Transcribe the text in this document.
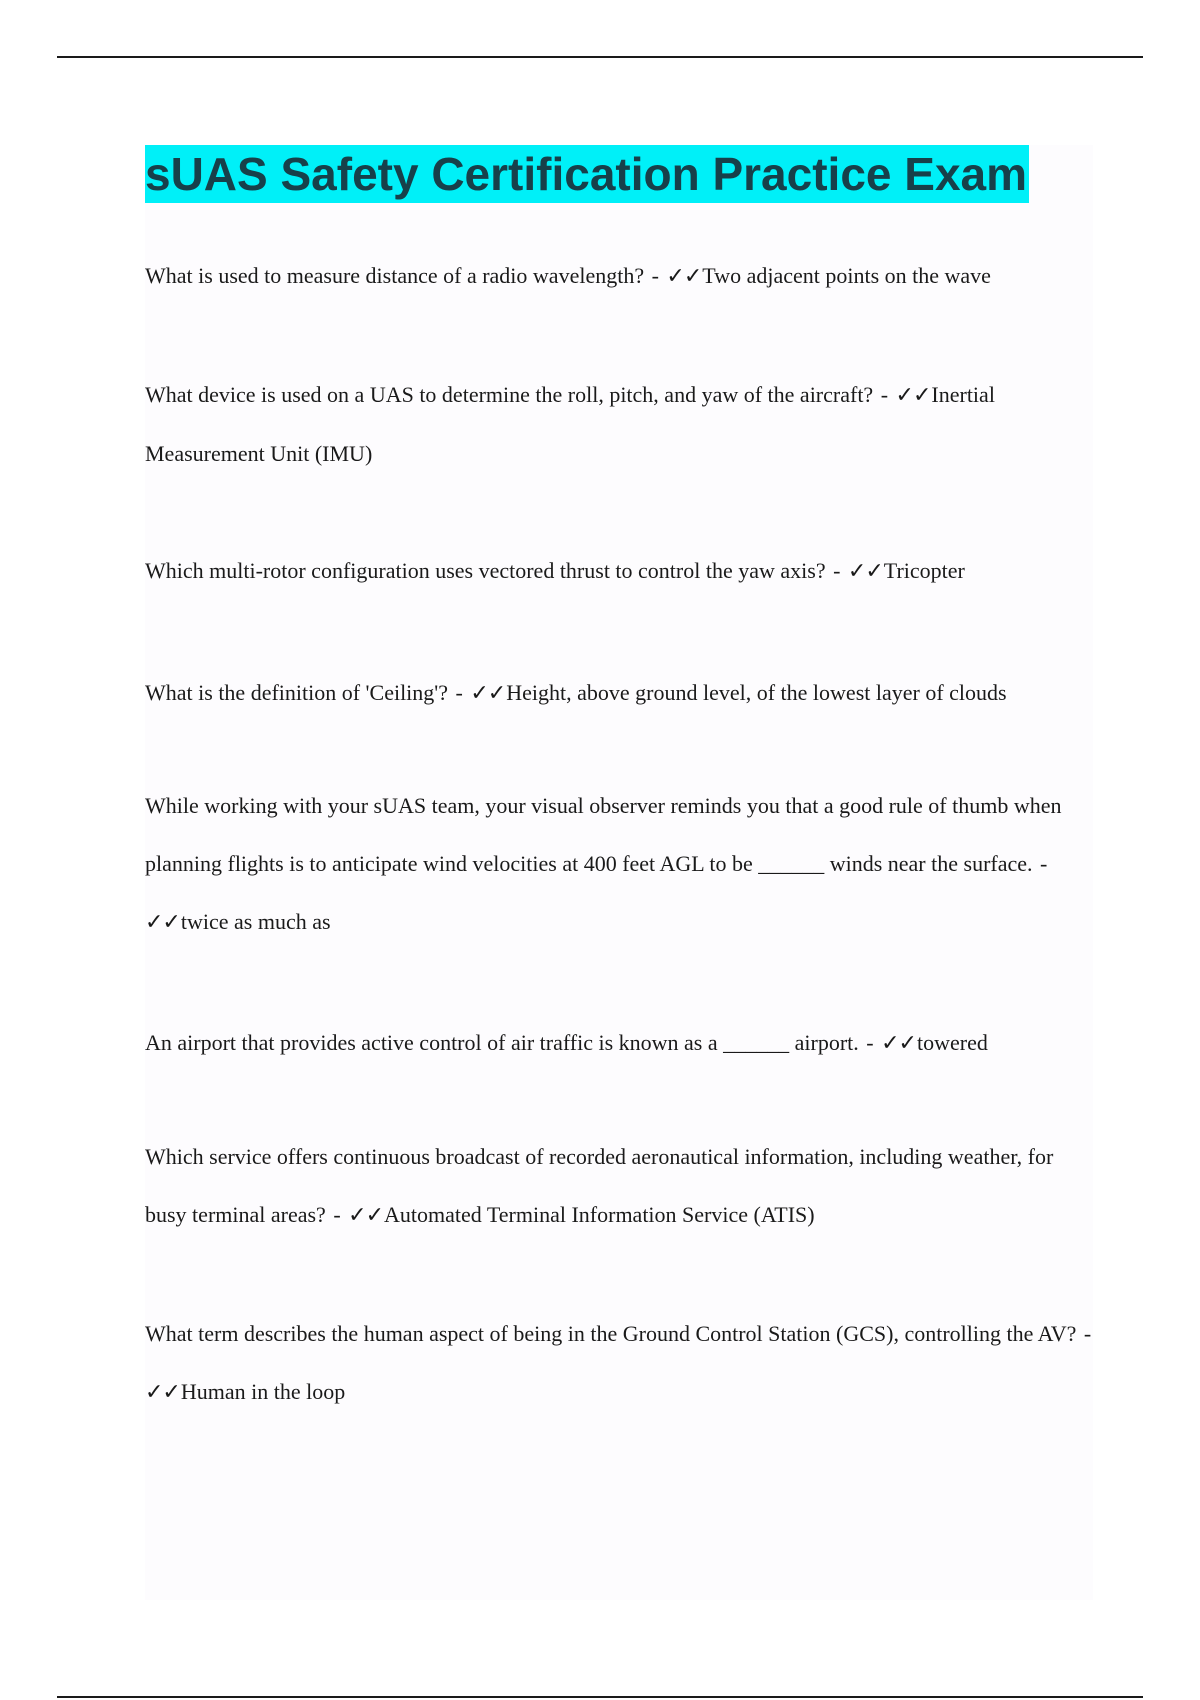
sUAS Safety Certification Practice Exam

What is used to measure distance of a radio wavelength? - ✓✓Two adjacent points on the wave

What device is used on a UAS to determine the roll, pitch, and yaw of the aircraft? - ✓✓Inertial Measurement Unit (IMU)

Which multi-rotor configuration uses vectored thrust to control the yaw axis? - ✓✓Tricopter

What is the definition of 'Ceiling'? - ✓✓Height, above ground level, of the lowest layer of clouds

While working with your sUAS team, your visual observer reminds you that a good rule of thumb when planning flights is to anticipate wind velocities at 400 feet AGL to be ______ winds near the surface. - ✓✓twice as much as

An airport that provides active control of air traffic is known as a ______ airport. - ✓✓towered

Which service offers continuous broadcast of recorded aeronautical information, including weather, for busy terminal areas? - ✓✓Automated Terminal Information Service (ATIS)

What term describes the human aspect of being in the Ground Control Station (GCS), controlling the AV? - ✓✓Human in the loop
